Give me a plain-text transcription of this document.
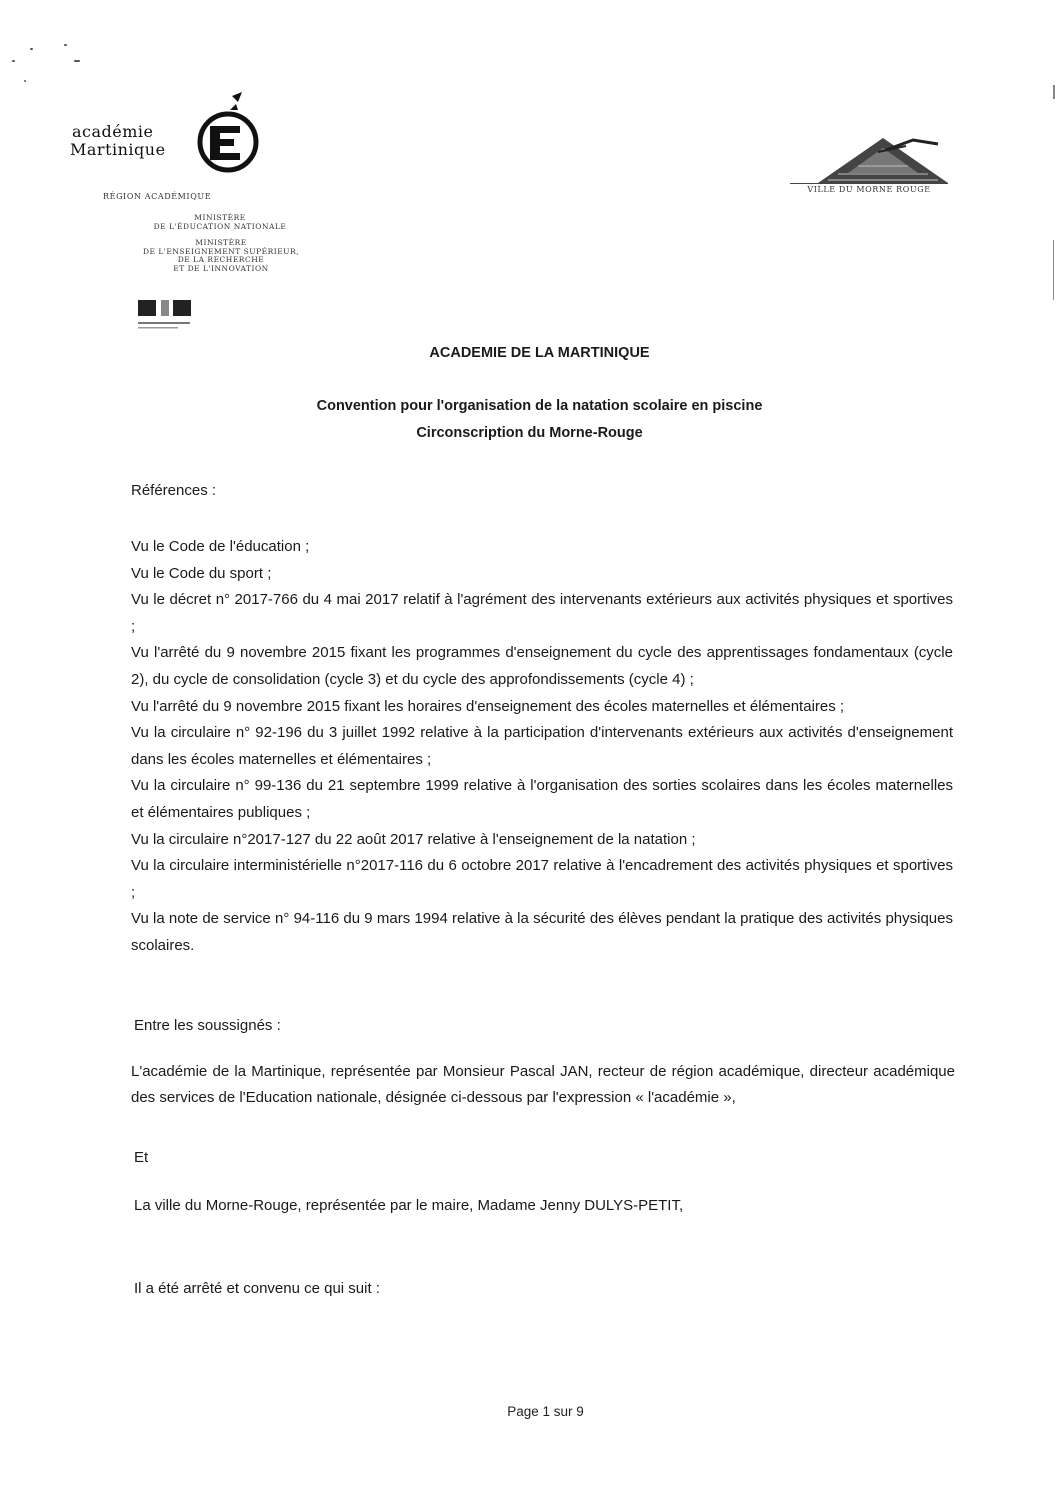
académie
Martinique
RÉGION ACADÉMIQUE
MINISTÈRE
DE L'ÉDUCATION NATIONALE
MINISTÈRE
DE L'ENSEIGNEMENT SUPÉRIEUR,
DE LA RECHERCHE
ET DE L'INNOVATION
VILLE DU MORNE ROUGE
ACADEMIE DE LA MARTINIQUE
Convention pour l'organisation de la natation scolaire en piscine
Circonscription du Morne-Rouge
Références :

Vu le Code de l'éducation ;

Vu le Code du sport ;

Vu le décret n° 2017-766 du 4 mai 2017 relatif à l'agrément des intervenants extérieurs aux activités physiques et sportives ;

Vu l'arrêté du 9 novembre 2015 fixant les programmes d'enseignement du cycle des apprentissages fondamentaux (cycle 2), du cycle de consolidation (cycle 3) et du cycle des approfondissements (cycle 4) ;

Vu l'arrêté du 9 novembre 2015 fixant les horaires d'enseignement des écoles maternelles et élémentaires ;

Vu la circulaire n° 92-196 du 3 juillet 1992 relative à la participation d'intervenants extérieurs aux activités d'enseignement dans les écoles maternelles et élémentaires ;

Vu la circulaire n° 99-136 du 21 septembre 1999 relative à l'organisation des sorties scolaires dans les écoles maternelles et élémentaires publiques ;

Vu la circulaire n°2017-127 du 22 août 2017 relative à l'enseignement de la natation ;

Vu la circulaire interministérielle n°2017-116 du 6 octobre 2017 relative à l'encadrement des activités physiques et sportives ;

Vu la note de service n° 94-116 du 9 mars 1994 relative à la sécurité des élèves pendant la pratique des activités physiques scolaires.

Entre les soussignés :
L'académie de la Martinique, représentée par Monsieur Pascal JAN, recteur de région académique, directeur académique des services de l'Education nationale, désignée ci-dessous par l'expression « l'académie »,
Et
La ville du Morne-Rouge, représentée par le maire, Madame Jenny DULYS-PETIT,
Il a été arrêté et convenu ce qui suit :
Page 1 sur 9
